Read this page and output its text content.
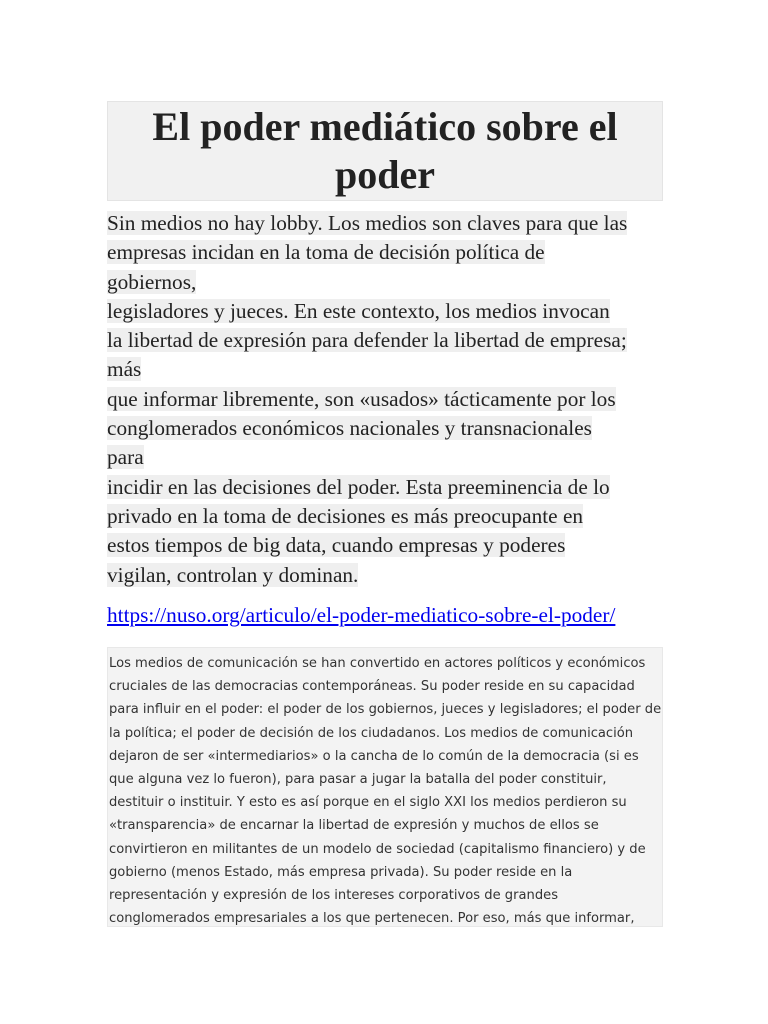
El poder mediático sobre el poder

Sin medios no hay lobby. Los medios son claves para que las
empresas incidan en la toma de decisión política de
gobiernos,
legisladores y jueces. En este contexto, los medios invocan
la libertad de expresión para defender la libertad de empresa;
más
que informar libremente, son «usados» tácticamente por los
conglomerados económicos nacionales y transnacionales
para
incidir en las decisiones del poder. Esta preeminencia de lo
privado en la toma de decisiones es más preocupante en
estos tiempos de big data, cuando empresas y poderes
vigilan, controlan y dominan.

https://nuso.org/articulo/el-poder-mediatico-sobre-el-poder/
Los medios de comunicación se han convertido en actores políticos y económicos
cruciales de las democracias contemporáneas. Su poder reside en su capacidad
para influir en el poder: el poder de los gobiernos, jueces y legisladores; el poder de
la política; el poder de decisión de los ciudadanos. Los medios de comunicación
dejaron de ser «intermediarios» o la cancha de lo común de la democracia (si es
que alguna vez lo fueron), para pasar a jugar la batalla del poder constituir,
destituir o instituir. Y esto es así porque en el siglo XXI los medios perdieron su
«transparencia» de encarnar la libertad de expresión y muchos de ellos se
convirtieron en militantes de un modelo de sociedad (capitalismo financiero) y de
gobierno (menos Estado, más empresa privada). Su poder reside en la
representación y expresión de los intereses corporativos de grandes
conglomerados empresariales a los que pertenecen. Por eso, más que informar,
